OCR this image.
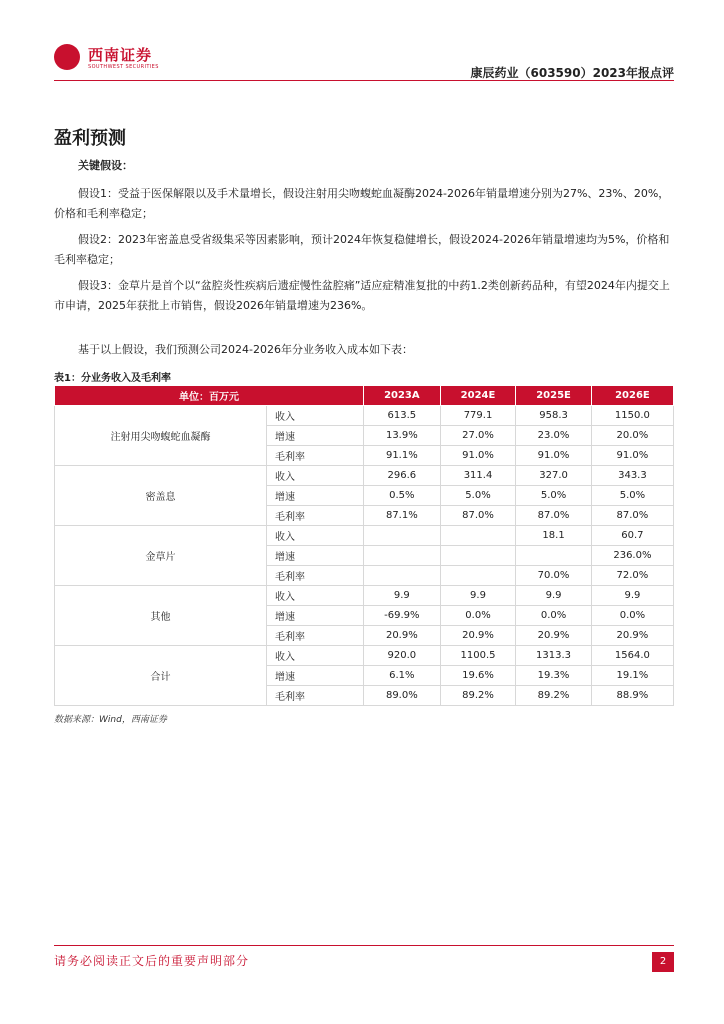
西南证券
SOUTHWEST SECURITIES	康辰药业（603590）2023年报点评
盈利预测
关键假设：
假设1：受益于医保解限以及手术量增长，假设注射用尖吻蝮蛇血凝酶2024-2026年销量增速分别为27%、23%、20%，价格和毛利率稳定；
假设2：2023年密盖息受省级集采等因素影响，预计2024年恢复稳健增长，假设2024-2026年销量增速均为5%，价格和毛利率稳定；
假设3：金草片是首个以“盆腔炎性疾病后遗症慢性盆腔痛”适应症精准复批的中药1.2类创新药品种，有望2024年内提交上市申请，2025年获批上市销售，假设2026年销量增速为236%。
基于以上假设，我们预测公司2024-2026年分业务收入成本如下表：
表1：分业务收入及毛利率
单位：百万元		2023A	2024E	2025E	2026E
注射用尖吻蝮蛇血凝酶	收入	613.5	779.1	958.3	1150.0
	增速	13.9%	27.0%	23.0%	20.0%
	毛利率	91.1%	91.0%	91.0%	91.0%
密盖息	收入	296.6	311.4	327.0	343.3
	增速	0.5%	5.0%	5.0%	5.0%
	毛利率	87.1%	87.0%	87.0%	87.0%
金草片	收入			18.1	60.7
	增速				236.0%
	毛利率			70.0%	72.0%
其他	收入	9.9	9.9	9.9	9.9
	增速	-69.9%	0.0%	0.0%	0.0%
	毛利率	20.9%	20.9%	20.9%	20.9%
合计	收入	920.0	1100.5	1313.3	1564.0
	增速	6.1%	19.6%	19.3%	19.1%
	毛利率	89.0%	89.2%	89.2%	88.9%
数据来源：Wind，西南证券
请务必阅读正文后的重要声明部分	2
